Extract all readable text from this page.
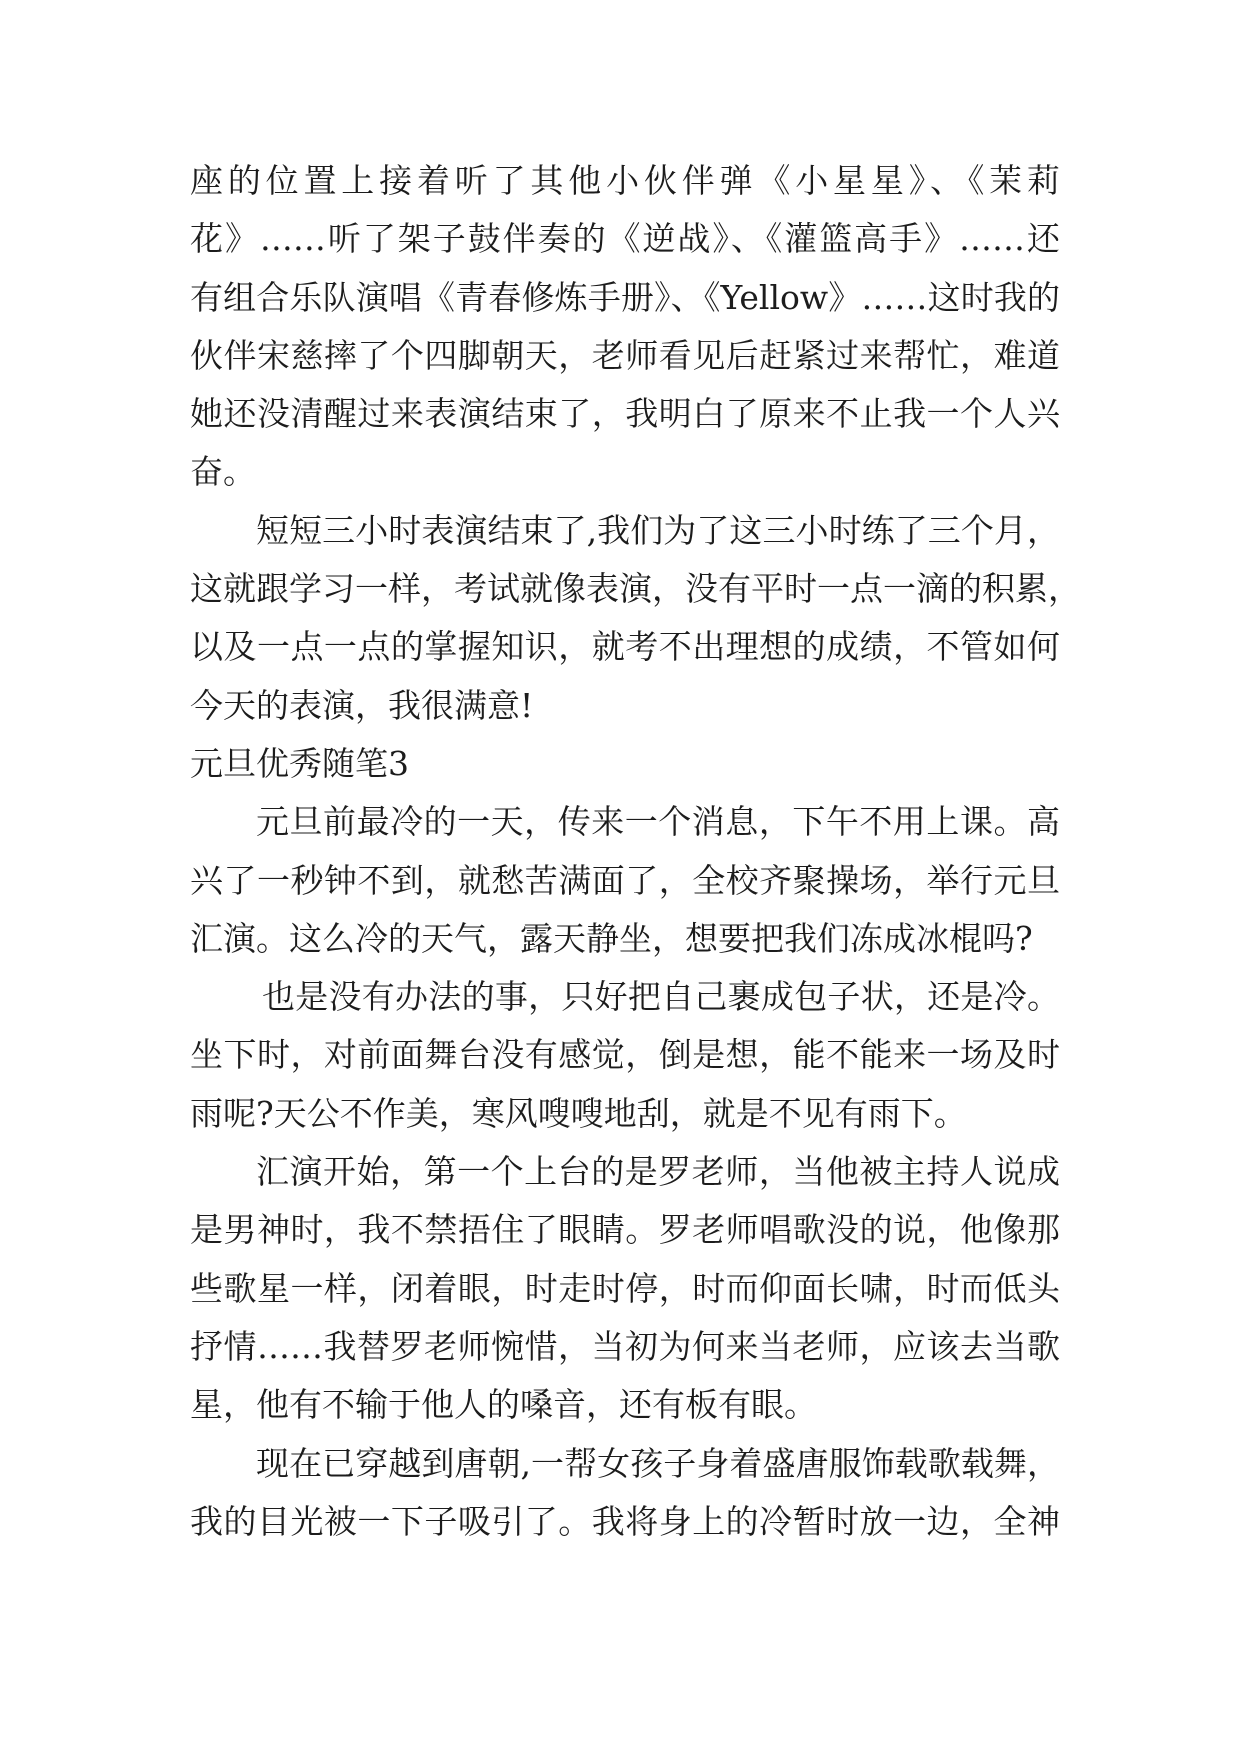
座的位置上接着听了其他小伙伴弹《小星星》、《茉莉
花》……听了架子鼓伴奏的《逆战》、《灌篮高手》……还
有组合乐队演唱《青春修炼手册》、《Yellow》……这时我的
伙伴宋慈摔了个四脚朝天，老师看见后赶紧过来帮忙，难道
她还没清醒过来表演结束了，我明白了原来不止我一个人兴
奋。
短短三小时表演结束了,我们为了这三小时练了三个月，
这就跟学习一样，考试就像表演，没有平时一点一滴的积累，
以及一点一点的掌握知识，就考不出理想的成绩，不管如何
今天的表演，我很满意!
元旦优秀随笔3
元旦前最冷的一天，传来一个消息，下午不用上课。高
兴了一秒钟不到，就愁苦满面了，全校齐聚操场，举行元旦
汇演。这么冷的天气，露天静坐，想要把我们冻成冰棍吗?
也是没有办法的事，只好把自己裹成包子状，还是冷。
坐下时，对前面舞台没有感觉，倒是想，能不能来一场及时
雨呢?天公不作美，寒风嗖嗖地刮，就是不见有雨下。
汇演开始，第一个上台的是罗老师，当他被主持人说成
是男神时，我不禁捂住了眼睛。罗老师唱歌没的说，他像那
些歌星一样，闭着眼，时走时停，时而仰面长啸，时而低头
抒情……我替罗老师惋惜，当初为何来当老师，应该去当歌
星，他有不输于他人的嗓音，还有板有眼。
现在已穿越到唐朝,一帮女孩子身着盛唐服饰载歌载舞，
我的目光被一下子吸引了。我将身上的冷暂时放一边，全神
